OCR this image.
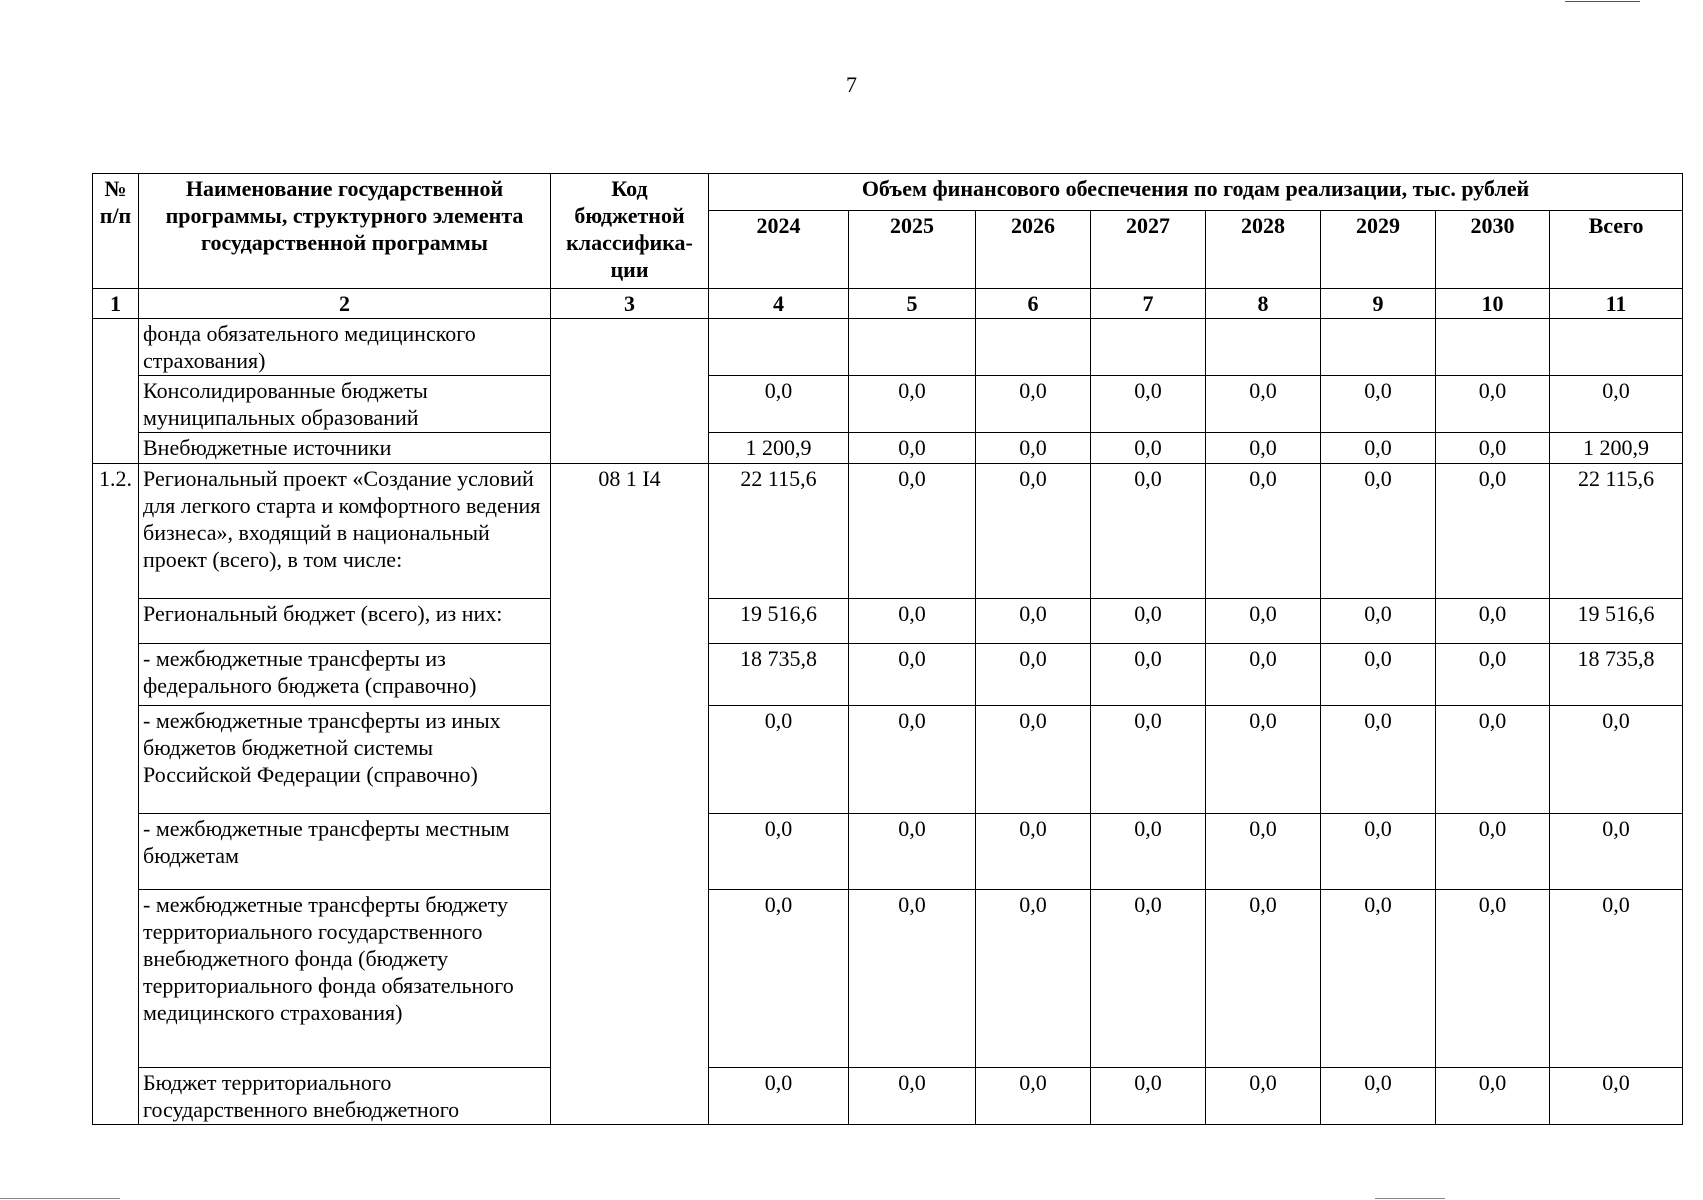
7
№ п/п	Наименование государственной программы, структурного элемента государственной программы	Код бюджетной классифика-ции	Объем финансового обеспечения по годам реализации, тыс. рублей							
			2024	2025	2026	2027	2028	2029	2030	Всего
1	2	3	4	5	6	7	8	9	10	11
	фонда обязательного медицинского страхования)									
	Консолидированные бюджеты муниципальных образований		0,0	0,0	0,0	0,0	0,0	0,0	0,0	0,0
	Внебюджетные источники		1 200,9	0,0	0,0	0,0	0,0	0,0	0,0	1 200,9
1.2.	Региональный проект «Создание условий для легкого старта и комфортного ведения бизнеса», входящий в национальный проект (всего), в том числе:	08 1 I4	22 115,6	0,0	0,0	0,0	0,0	0,0	0,0	22 115,6
	Региональный бюджет (всего), из них:		19 516,6	0,0	0,0	0,0	0,0	0,0	0,0	19 516,6
	- межбюджетные трансферты из федерального бюджета (справочно)		18 735,8	0,0	0,0	0,0	0,0	0,0	0,0	18 735,8
	- межбюджетные трансферты из иных бюджетов бюджетной системы Российской Федерации (справочно)		0,0	0,0	0,0	0,0	0,0	0,0	0,0	0,0
	- межбюджетные трансферты местным бюджетам		0,0	0,0	0,0	0,0	0,0	0,0	0,0	0,0
	- межбюджетные трансферты бюджету территориального государственного внебюджетного фонда (бюджету территориального фонда обязательного медицинского страхования)		0,0	0,0	0,0	0,0	0,0	0,0	0,0	0,0
	Бюджет территориального государственного внебюджетного		0,0	0,0	0,0	0,0	0,0	0,0	0,0	0,0
